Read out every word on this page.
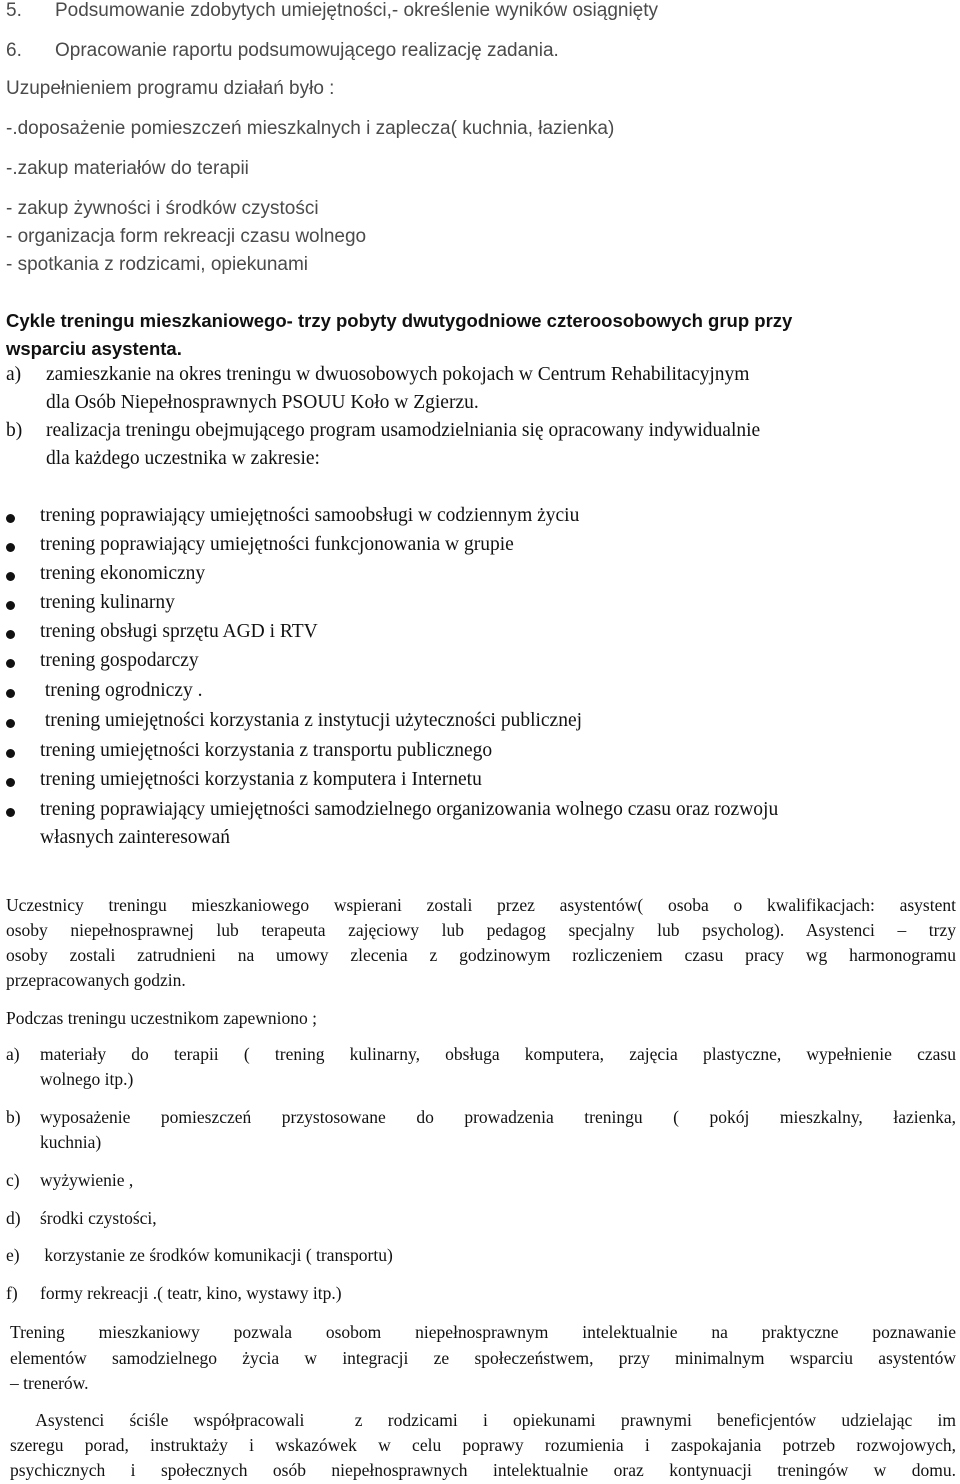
5. Podsumowanie zdobytych umiejętności,- określenie wyników osiągnięty
6. Opracowanie raportu podsumowującego realizację zadania.
Uzupełnieniem programu działań było :
-.doposażenie pomieszczeń mieszkalnych i zaplecza( kuchnia, łazienka)
-.zakup materiałów do terapii
- zakup żywności i środków czystości
- organizacja form rekreacji czasu wolnego
- spotkania z rodzicami, opiekunami
Cykle treningu mieszkaniowego- trzy pobyty dwutygodniowe czteroosobowych grup przy
wsparciu asystenta.
a) zamieszkanie na okres treningu w dwuosobowych pokojach w Centrum Rehabilitacyjnym
dla Osób Niepełnosprawnych PSOUU Koło w Zgierzu.
b) realizacja treningu obejmującego program usamodzielniania się opracowany indywidualnie
dla każdego uczestnika w zakresie:
trening poprawiający umiejętności samoobsługi w codziennym życiu
trening poprawiający umiejętności funkcjonowania w grupie
trening ekonomiczny
trening kulinarny
trening obsługi sprzętu AGD i RTV
trening gospodarczy
trening ogrodniczy .
trening umiejętności korzystania z instytucji użyteczności publicznej
trening umiejętności korzystania z transportu publicznego
trening umiejętności korzystania z komputera i Internetu
trening poprawiający umiejętności samodzielnego organizowania wolnego czasu oraz rozwoju
własnych zainteresowań
Uczestnicy treningu mieszkaniowego wspierani zostali przez asystentów( osoba o kwalifikacjach: asystent
osoby niepełnosprawnej lub terapeuta zajęciowy lub pedagog specjalny lub psycholog). Asystenci – trzy
osoby zostali zatrudnieni na umowy zlecenia z godzinowym rozliczeniem czasu pracy wg harmonogramu
przepracowanych godzin.
Podczas treningu uczestnikom zapewniono ;
a) materiały do terapii ( trening kulinarny, obsługa komputera, zajęcia plastyczne, wypełnienie czasu
wolnego itp.)
b) wyposażenie pomieszczeń przystosowane do prowadzenia treningu ( pokój mieszkalny, łazienka,
kuchnia)
c) wyżywienie ,
d) środki czystości,
e) korzystanie ze środków komunikacji ( transportu)
f) formy rekreacji .( teatr, kino, wystawy itp.)
Trening mieszkaniowy pozwala osobom niepełnosprawnym intelektualnie na praktyczne poznawanie
elementów samodzielnego życia w integracji ze społeczeństwem, przy minimalnym wsparciu asystentów
– trenerów.
Asystenci ściśle współpracowali  z rodzicami i opiekunami prawnymi beneficjentów udzielając im
szeregu porad, instruktaży i wskazówek w celu poprawy rozumienia i zaspokajania potrzeb rozwojowych,
psychicznych i społecznych osób niepełnosprawnych intelektualnie oraz kontynuacji treningów w domu.
